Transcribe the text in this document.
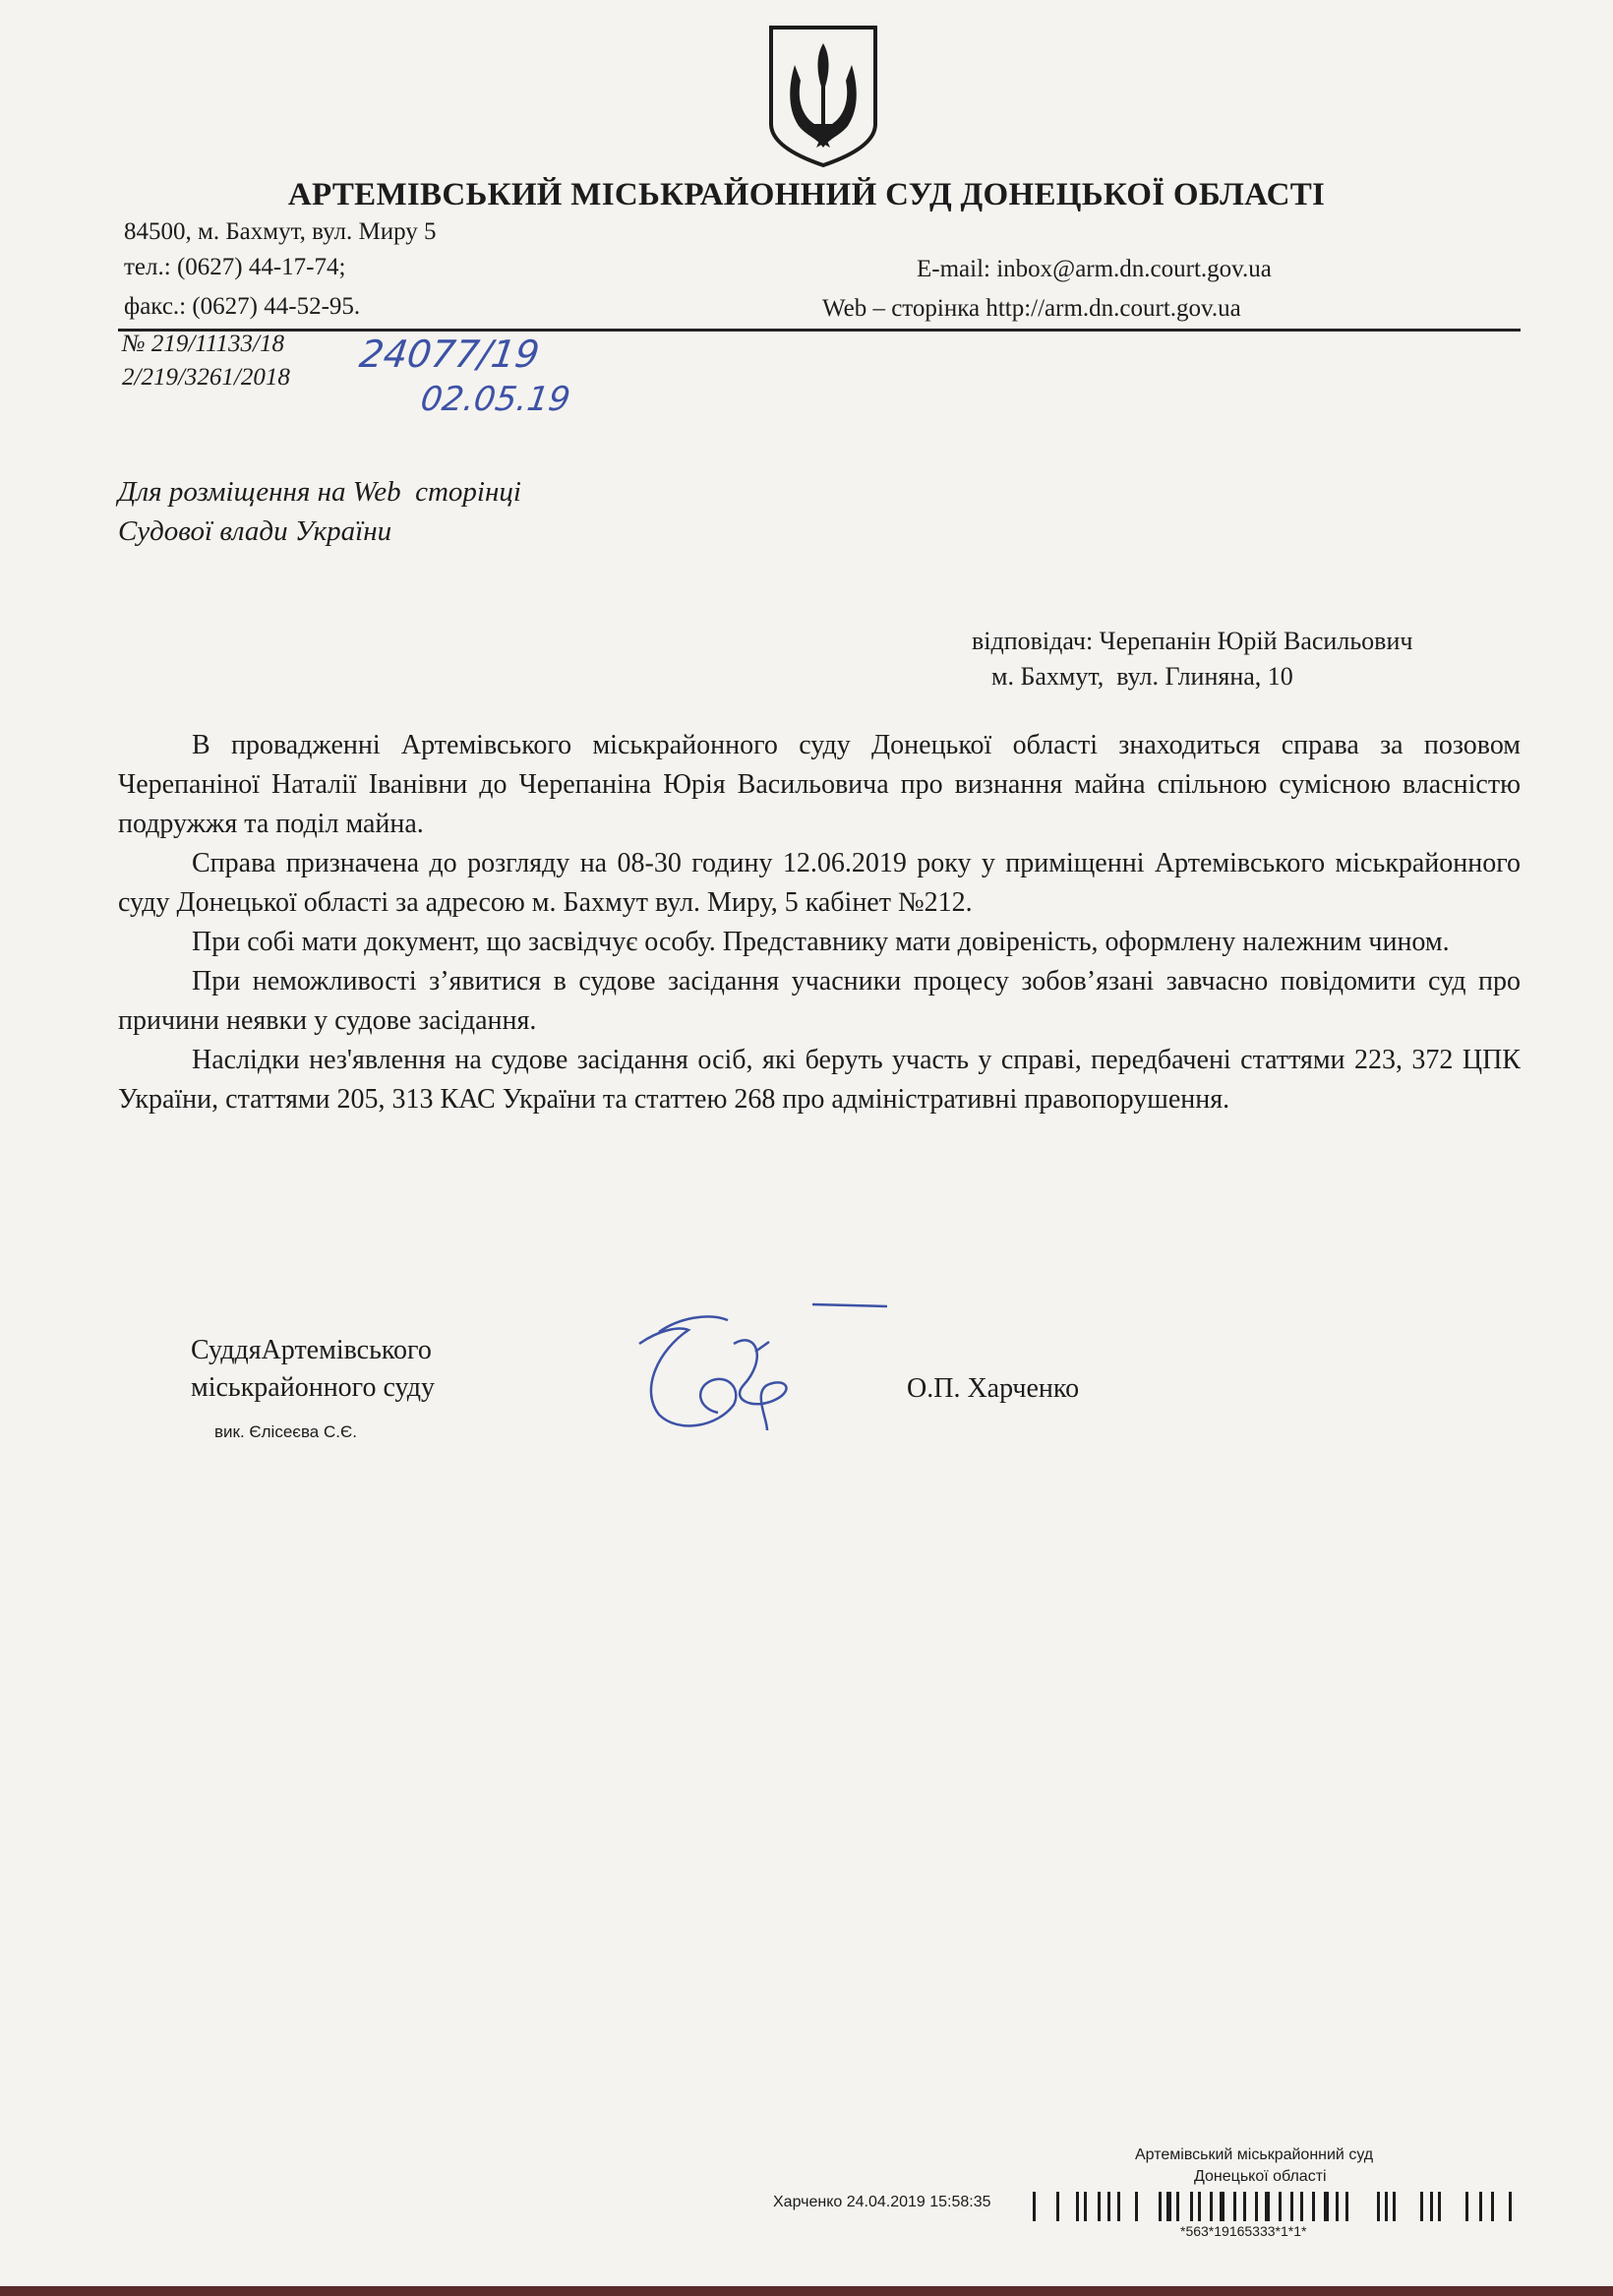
АРТЕМІВСЬКИЙ МІСЬКРАЙОННИЙ СУД ДОНЕЦЬКОЇ ОБЛАСТІ
84500, м. Бахмут, вул. Миру 5
тел.: (0627) 44-17-74;
факс.: (0627) 44-52-95.
E-mail: inbox@arm.dn.court.gov.ua
Web – сторінка http://arm.dn.court.gov.ua
№ 219/11133/18
2/219/3261/2018
24077/19
02.05.19
Для розміщення на Web  сторінці
Судової влади України
відповідач: Черепанін Юрій Васильович
м. Бахмут,  вул. Глиняна, 10

В провадженні Артемівського міськрайонного суду Донецької області знаходиться справа за позовом Черепаніної Наталії Іванівни до Черепаніна Юрія Васильовича про визнання майна спільною сумісною власністю подружжя та поділ майна.

Справа призначена до розгляду на 08-30 годину 12.06.2019 року у приміщенні Артемівського міськрайонного суду Донецької області за адресою м. Бахмут вул. Миру, 5 кабінет №212.

При собі мати документ, що засвідчує особу. Представнику мати довіреність, оформлену належним чином.

При неможливості з’явитися в судове засідання учасники процесу зобов’язані завчасно повідомити суд про причини неявки у судове засідання.

Наслідки нез'явлення на судове засідання осіб, які беруть участь у справі, передбачені статтями 223, 372 ЦПК України, статтями 205, 313 КАС України та статтею 268 про адміністративні правопорушення.

СуддяАртемівського
міськрайонного суду
вик. Єлісеєва С.Є.
О.П. Харченко
Артемівський міськрайонний суд
Донецької області
Харченко 24.04.2019 15:58:35
*563*19165333*1*1*
